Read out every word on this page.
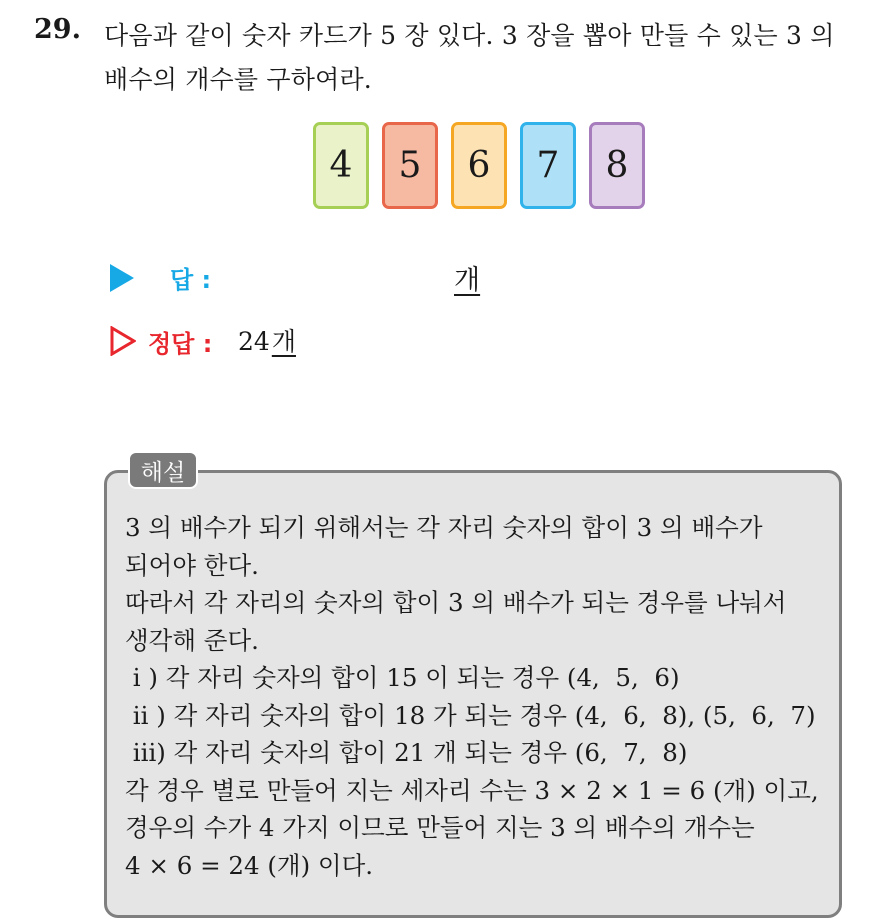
29. 다음과 같이 숫자 카드가 5 장 있다. 3 장을 뽑아 만들 수 있는 3 의 배수의 개수를 구하여라.
4	5	6	7	8
답 :	개
정답 : 24개
해설
3 의 배수가 되기 위해서는 각 자리 숫자의 합이 3 의 배수가
되어야 한다.
따라서 각 자리의 숫자의 합이 3 의 배수가 되는 경우를 나눠서
생각해 준다.
i ) 각 자리 숫자의 합이 15 이 되는 경우 (4,  5,  6)
ii ) 각 자리 숫자의 합이 18 가 되는 경우 (4,  6,  8), (5,  6,  7)
iii) 각 자리 숫자의 합이 21 개 되는 경우 (6,  7,  8)
각 경우 별로 만들어 지는 세자리 수는 3 × 2 × 1 = 6 (개) 이고,
경우의 수가 4 가지 이므로 만들어 지는 3 의 배수의 개수는
4 × 6 = 24 (개) 이다.
